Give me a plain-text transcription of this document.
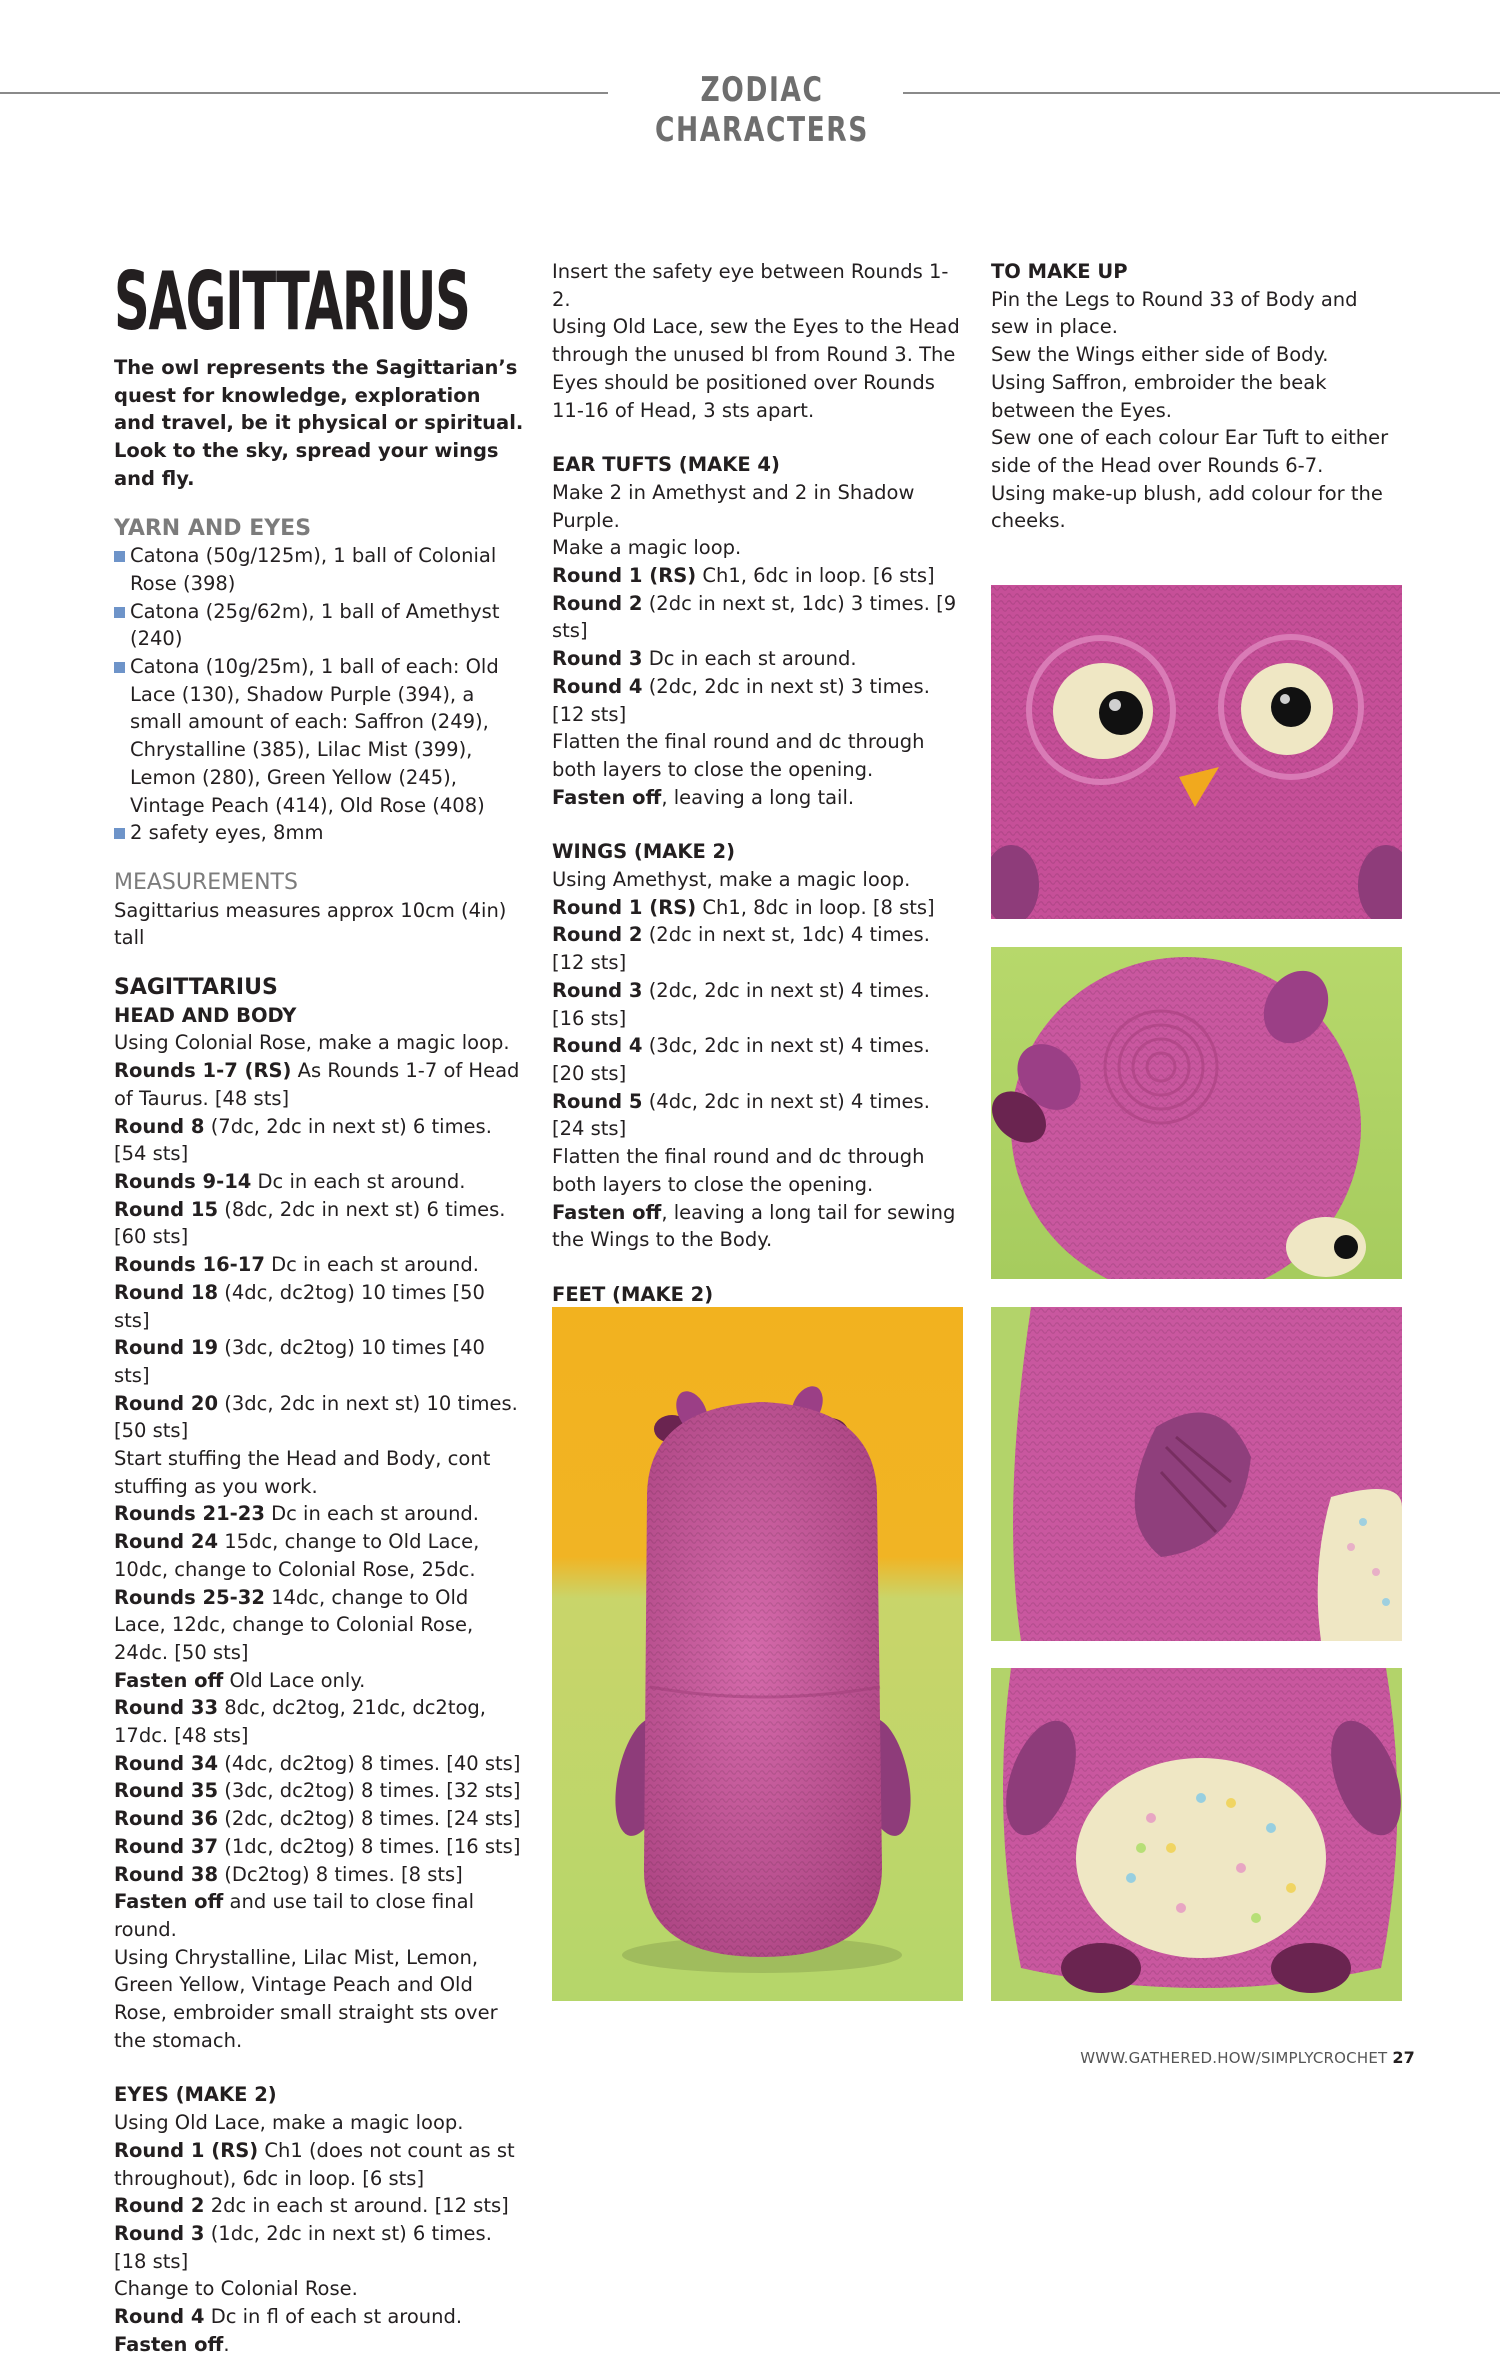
ZODIAC CHARACTERS
SAGITTARIUS

The owl represents the Sagittarian’s quest for knowledge, exploration and travel, be it physical or spiritual. Look to the sky, spread your wings and fly.

YARN AND EYES

Catona (50g/125m), 1 ball of Colonial Rose (398)

Catona (25g/62m), 1 ball of Amethyst (240)

Catona (10g/25m), 1 ball of each: Old Lace (130), Shadow Purple (394), a small amount of each: Saffron (249), Chrystalline (385), Lilac Mist (399), Lemon (280), Green Yellow (245), Vintage Peach (414), Old Rose (408)

2 safety eyes, 8mm

MEASUREMENTS

Sagittarius measures approx 10cm (4in) tall

SAGITTARIUS

HEAD AND BODY

Using Colonial Rose, make a magic loop.

Rounds 1-7 (RS) As Rounds 1-7 of Head of Taurus. [48 sts]

Round 8 (7dc, 2dc in next st) 6 times. [54 sts]

Rounds 9-14 Dc in each st around.

Round 15 (8dc, 2dc in next st) 6 times. [60 sts]

Rounds 16-17 Dc in each st around.

Round 18 (4dc, dc2tog) 10 times [50 sts]

Round 19 (3dc, dc2tog) 10 times [40 sts]

Round 20 (3dc, 2dc in next st) 10 times. [50 sts]

Start stuffing the Head and Body, cont stuffing as you work.

Rounds 21-23 Dc in each st around.

Round 24 15dc, change to Old Lace, 10dc, change to Colonial Rose, 25dc.

Rounds 25-32 14dc, change to Old Lace, 12dc, change to Colonial Rose, 24dc. [50 sts]

Fasten off Old Lace only.

Round 33 8dc, dc2tog, 21dc, dc2tog, 17dc. [48 sts]

Round 34 (4dc, dc2tog) 8 times. [40 sts]

Round 35 (3dc, dc2tog) 8 times. [32 sts]

Round 36 (2dc, dc2tog) 8 times. [24 sts]

Round 37 (1dc, dc2tog) 8 times. [16 sts]

Round 38 (Dc2tog) 8 times. [8 sts]

Fasten off and use tail to close final round.

Using Chrystalline, Lilac Mist, Lemon, Green Yellow, Vintage Peach and Old Rose, embroider small straight sts over the stomach.

EYES (MAKE 2)

Using Old Lace, make a magic loop.

Round 1 (RS) Ch1 (does not count as st throughout), 6dc in loop. [6 sts]

Round 2 2dc in each st around. [12 sts]

Round 3 (1dc, 2dc in next st) 6 times. [18 sts]

Change to Colonial Rose.

Round 4 Dc in fl of each st around.

Fasten off.

Insert the safety eye between Rounds 1-2.

Using Old Lace, sew the Eyes to the Head through the unused bl from Round 3. The Eyes should be positioned over Rounds 11-16 of Head, 3 sts apart.

EAR TUFTS (MAKE 4)

Make 2 in Amethyst and 2 in Shadow Purple.

Make a magic loop.

Round 1 (RS) Ch1, 6dc in loop. [6 sts]

Round 2 (2dc in next st, 1dc) 3 times. [9 sts]

Round 3 Dc in each st around.

Round 4 (2dc, 2dc in next st) 3 times. [12 sts]

Flatten the final round and dc through both layers to close the opening.

Fasten off, leaving a long tail.

WINGS (MAKE 2)

Using Amethyst, make a magic loop.

Round 1 (RS) Ch1, 8dc in loop. [8 sts]

Round 2 (2dc in next st, 1dc) 4 times. [12 sts]

Round 3 (2dc, 2dc in next st) 4 times. [16 sts]

Round 4 (3dc, 2dc in next st) 4 times. [20 sts]

Round 5 (4dc, 2dc in next st) 4 times. [24 sts]

Flatten the final round and dc through both layers to close the opening.

Fasten off, leaving a long tail for sewing the Wings to the Body.

FEET (MAKE 2)

TO MAKE UP

Pin the Legs to Round 33 of Body and sew in place.

Sew the Wings either side of Body.

Using Saffron, embroider the beak between the Eyes.

Sew one of each colour Ear Tuft to either side of the Head over Rounds 6-7.

Using make-up blush, add colour for the cheeks.

WWW.GATHERED.HOW/SIMPLYCROCHET 27
